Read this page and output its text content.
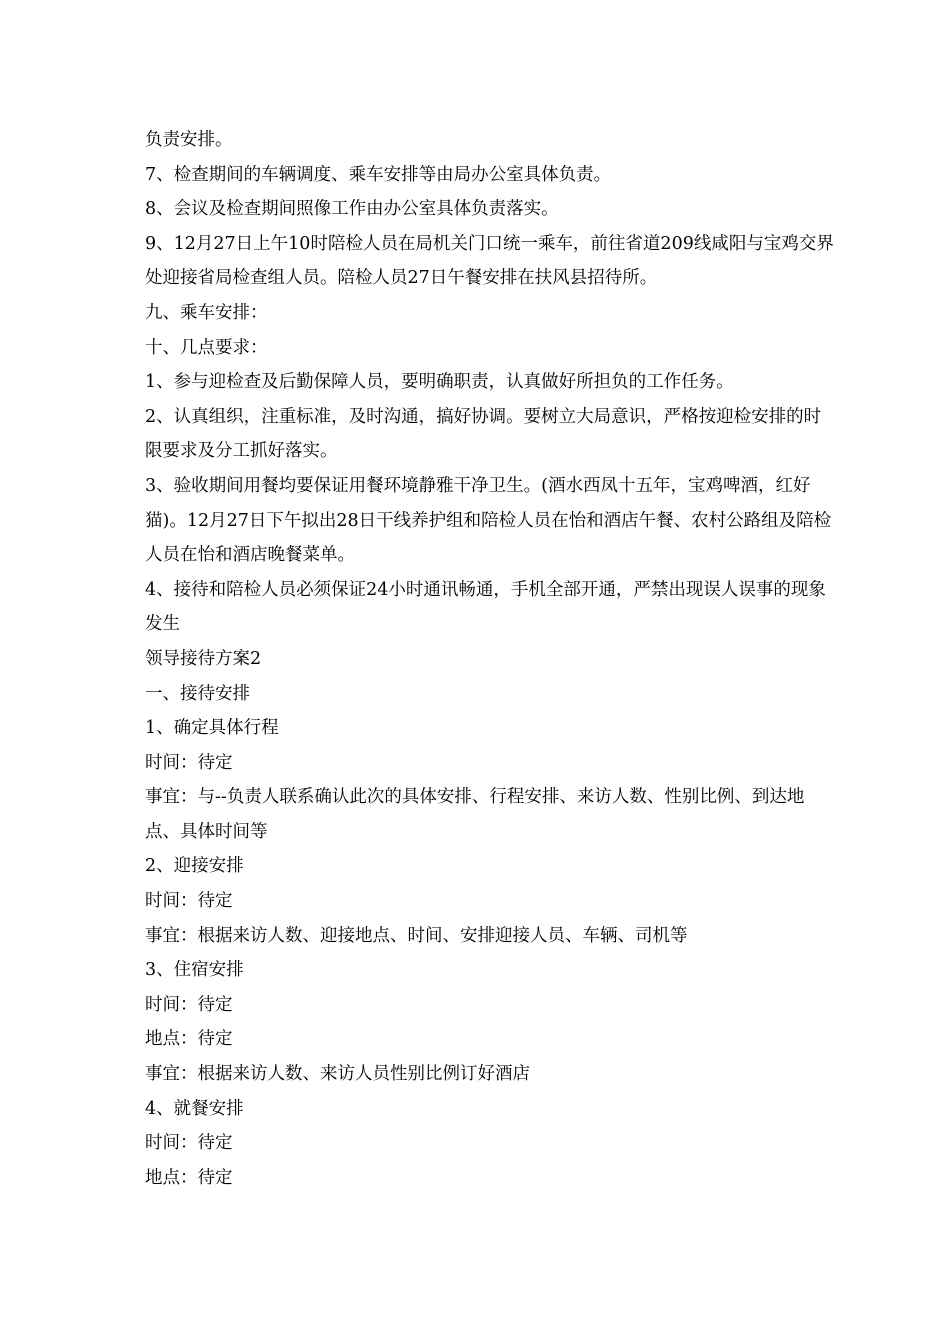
负责安排。

7、检查期间的车辆调度、乘车安排等由局办公室具体负责。

8、会议及检查期间照像工作由办公室具体负责落实。

9、12月27日上午10时陪检人员在局机关门口统一乘车，前往省道209线咸阳与宝鸡交界处迎接省局检查组人员。陪检人员27日午餐安排在扶风县招待所。

九、乘车安排：

十、几点要求：

1、参与迎检查及后勤保障人员，要明确职责，认真做好所担负的工作任务。

2、认真组织，注重标准，及时沟通，搞好协调。要树立大局意识，严格按迎检安排的时限要求及分工抓好落实。

3、验收期间用餐均要保证用餐环境静雅干净卫生。(酒水西凤十五年，宝鸡啤酒，红好猫)。12月27日下午拟出28日干线养护组和陪检人员在怡和酒店午餐、农村公路组及陪检人员在怡和酒店晚餐菜单。

4、接待和陪检人员必须保证24小时通讯畅通，手机全部开通，严禁出现误人误事的现象发生

领导接待方案2

一、接待安排

1、确定具体行程

时间：待定

事宜：与--负责人联系确认此次的具体安排、行程安排、来访人数、性别比例、到达地点、具体时间等

2、迎接安排

时间：待定

事宜：根据来访人数、迎接地点、时间、安排迎接人员、车辆、司机等

3、住宿安排

时间：待定

地点：待定

事宜：根据来访人数、来访人员性别比例订好酒店

4、就餐安排

时间：待定

地点：待定
